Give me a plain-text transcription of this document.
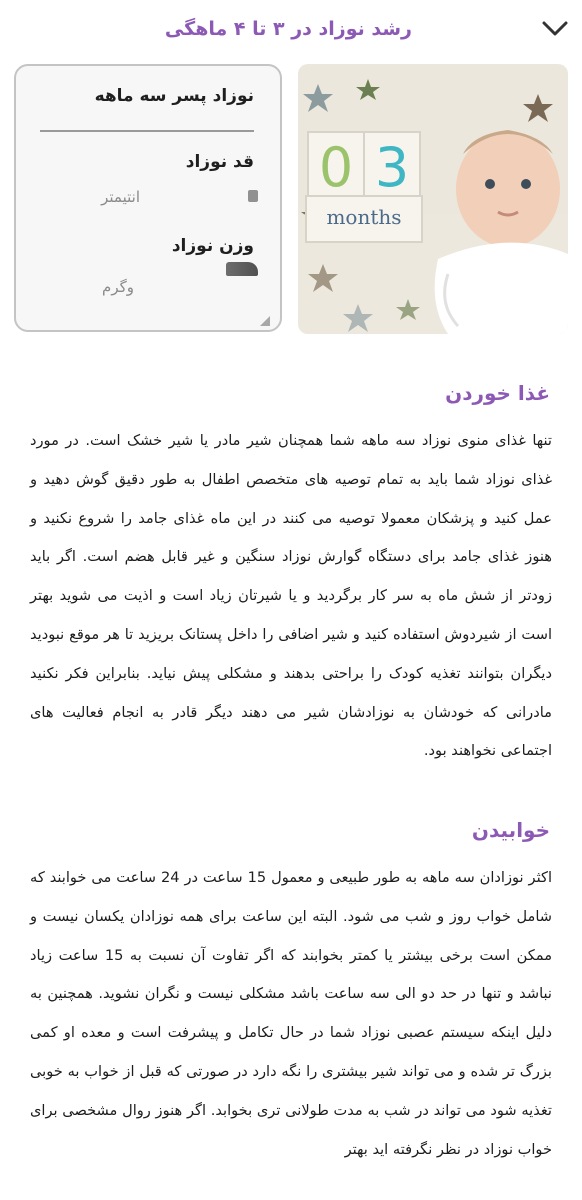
رشد نوزاد در ۳ تا ۴ ماهگی
نوزاد پسر سه ماهه
قد نوزاد
انتیمتر
وزن نوزاد
وگرم
0 3
months
غذا خوردن
تنها غذای منوی نوزاد سه ماهه شما همچنان شیر مادر یا شیر خشک است. در مورد غذای نوزاد شما باید به تمام توصیه های متخصص اطفال به طور دقیق گوش دهید و عمل کنید و پزشکان معمولا توصیه می کنند در این ماه غذای جامد را شروع نکنید و هنوز غذای جامد برای دستگاه گوارش نوزاد سنگین و غیر قابل هضم است. اگر باید زودتر از شش ماه به سر کار برگردید و یا شیرتان زیاد است و اذیت می شوید بهتر است از شیردوش استفاده کنید و شیر اضافی را داخل پستانک بریزید تا هر موقع نبودید دیگران بتوانند تغذیه کودک را براحتی بدهند و مشکلی پیش نیاید. بنابراین فکر نکنید مادرانی که خودشان به نوزادشان شیر می دهند دیگر قادر به انجام فعالیت های اجتماعی نخواهند بود.
خوابیدن
اکثر نوزادان سه ماهه به طور طبیعی و معمول 15 ساعت در 24 ساعت می خوابند که شامل خواب روز و شب می شود. البته این ساعت برای همه نوزادان یکسان نیست و ممکن است برخی بیشتر یا کمتر بخوابند که اگر تفاوت آن نسبت به 15 ساعت زیاد نباشد و تنها در حد دو الی سه ساعت باشد مشکلی نیست و نگران نشوید. همچنین به دلیل اینکه سیستم عصبی نوزاد شما در حال تکامل و پیشرفت است و معده او کمی بزرگ تر شده و می تواند شیر بیشتری را نگه دارد در صورتی که قبل از خواب به خوبی تغذیه شود می تواند در شب به مدت طولانی تری بخوابد. اگر هنوز روال مشخصی برای خواب نوزاد در نظر نگرفته اید بهتر
